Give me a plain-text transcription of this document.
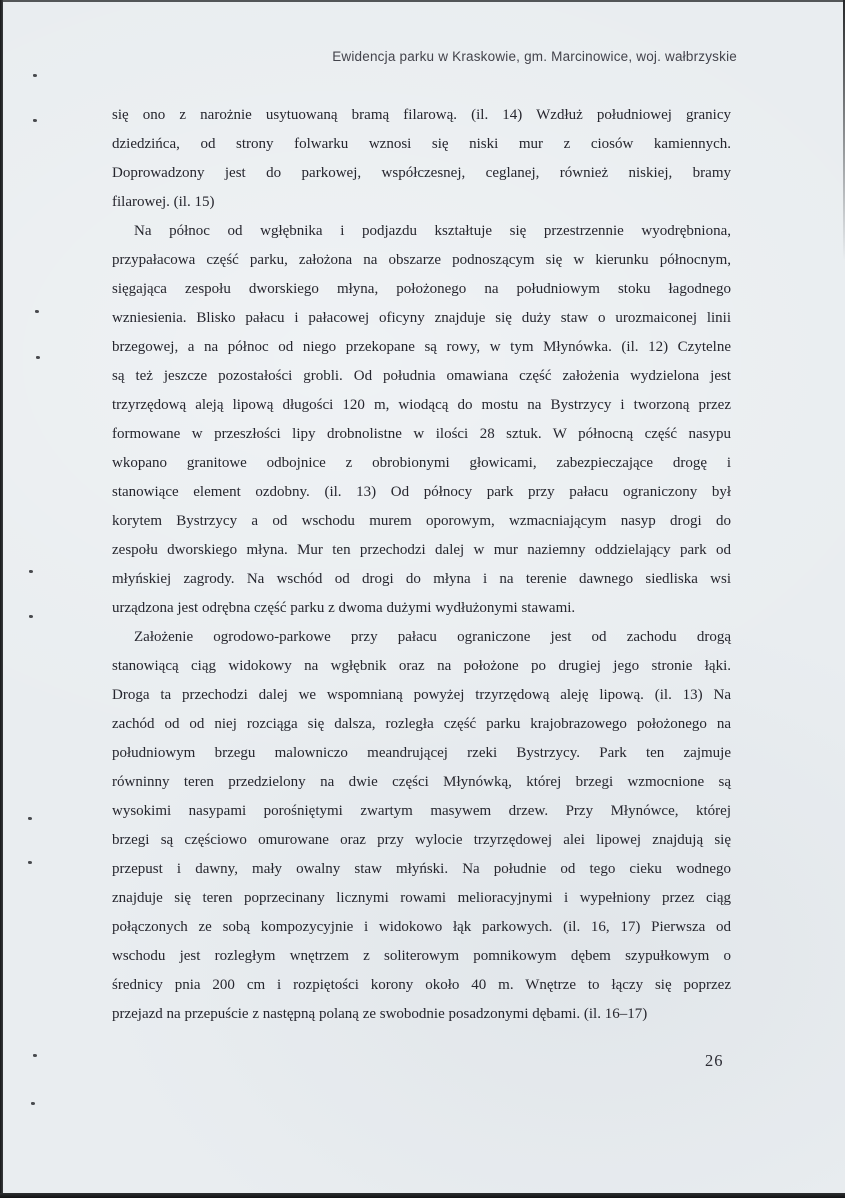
Ewidencja parku w Kraskowie, gm. Marcinowice, woj. wałbrzyskie
się ono z narożnie usytuowaną bramą filarową. (il. 14) Wzdłuż południowej granicy
dziedzińca, od strony folwarku wznosi się niski mur z ciosów kamiennych.
Doprowadzony jest do parkowej, współczesnej, ceglanej, również niskiej, bramy
filarowej. (il. 15)
Na północ od wgłębnika i podjazdu kształtuje się przestrzennie wyodrębniona,
przypałacowa część parku, założona na obszarze podnoszącym się w kierunku północnym,
sięgająca zespołu dworskiego młyna, położonego na południowym stoku łagodnego
wzniesienia. Blisko pałacu i pałacowej oficyny znajduje się duży staw o urozmaiconej linii
brzegowej, a na północ od niego przekopane są rowy, w tym Młynówka. (il. 12) Czytelne
są też jeszcze pozostałości grobli. Od południa omawiana część założenia wydzielona jest
trzyrzędową aleją lipową długości 120 m, wiodącą do mostu na Bystrzycy i tworzoną przez
formowane w przeszłości lipy drobnolistne w ilości 28 sztuk. W północną część nasypu
wkopano granitowe odbojnice z obrobionymi głowicami, zabezpieczające drogę i
stanowiące element ozdobny. (il. 13) Od północy park przy pałacu ograniczony był
korytem Bystrzycy a od wschodu murem oporowym, wzmacniającym nasyp drogi do
zespołu dworskiego młyna. Mur ten przechodzi dalej w mur naziemny oddzielający park od
młyńskiej zagrody. Na wschód od drogi do młyna i na terenie dawnego siedliska wsi
urządzona jest odrębna część parku z dwoma dużymi wydłużonymi stawami.
Założenie ogrodowo-parkowe przy pałacu ograniczone jest od zachodu drogą
stanowiącą ciąg widokowy na wgłębnik oraz na położone po drugiej jego stronie łąki.
Droga ta przechodzi dalej we wspomnianą powyżej trzyrzędową aleję lipową. (il. 13) Na
zachód od od niej rozciąga się dalsza, rozległa część parku krajobrazowego położonego na
południowym brzegu malowniczo meandrującej rzeki Bystrzycy. Park ten zajmuje
równinny teren przedzielony na dwie części Młynówką, której brzegi wzmocnione są
wysokimi nasypami porośniętymi zwartym masywem drzew. Przy Młynówce, której
brzegi są częściowo omurowane oraz przy wylocie trzyrzędowej alei lipowej znajdują się
przepust i dawny, mały owalny staw młyński. Na południe od tego cieku wodnego
znajduje się teren poprzecinany licznymi rowami melioracyjnymi i wypełniony przez ciąg
połączonych ze sobą kompozycyjnie i widokowo łąk parkowych. (il. 16, 17) Pierwsza od
wschodu jest rozległym wnętrzem z soliterowym pomnikowym dębem szypułkowym o
średnicy pnia 200 cm i rozpiętości korony około 40 m. Wnętrze to łączy się poprzez
przejazd na przepuście z następną polaną ze swobodnie posadzonymi dębami. (il. 16–17)
26
